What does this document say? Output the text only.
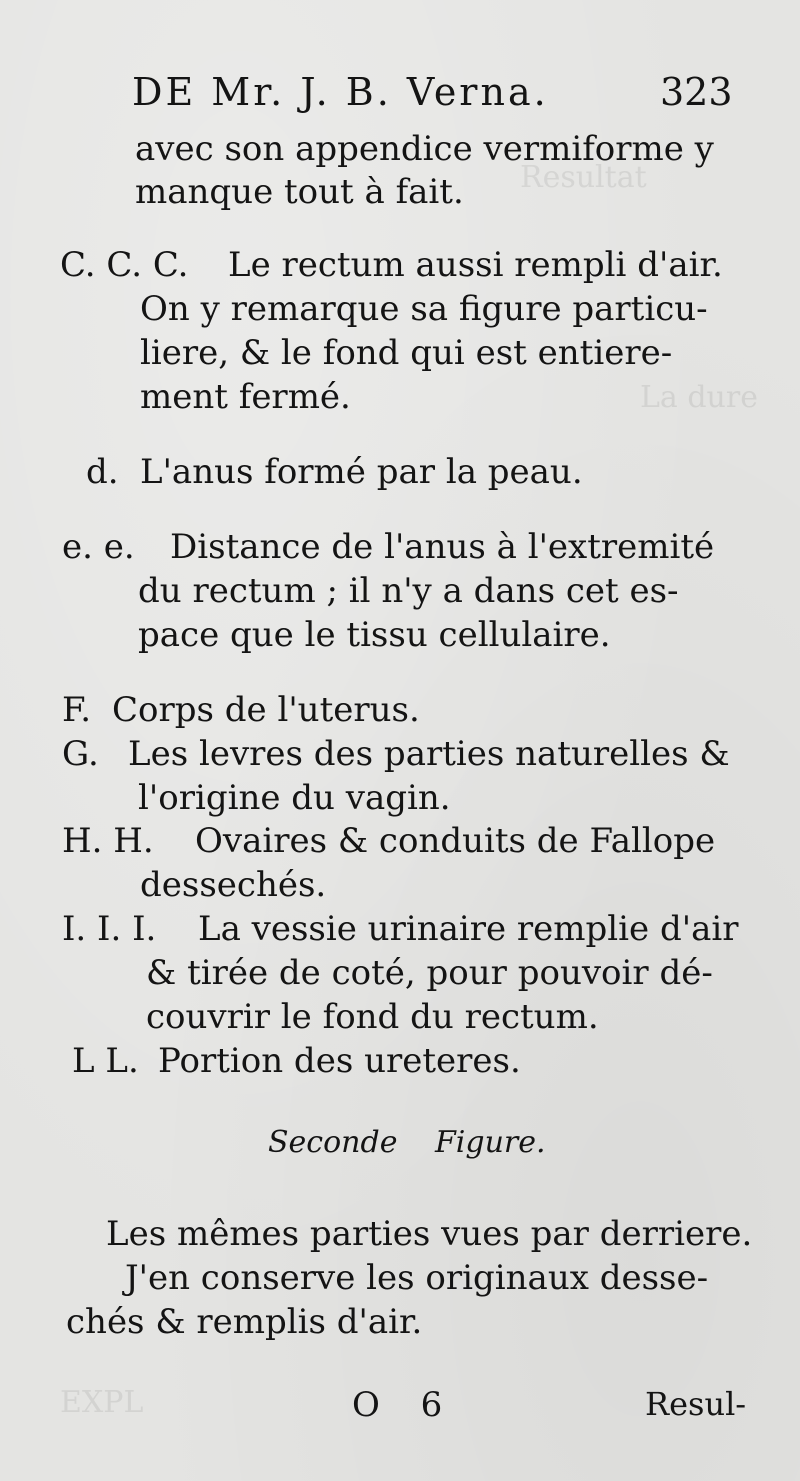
Resultat
La dure
EXPL
DE Mr. J. B. Verna.	323
avec son appendice vermiforme y
manque tout à fait.
C. C. C. Le rectum aussi rempli d'air.
On y remarque sa figure particu-
liere, & le fond qui est entiere-
ment fermé.
d. L'anus formé par la peau.
e. e. Distance de l'anus à l'extremité
du rectum ; il n'y a dans cet es-
pace que le tissu cellulaire.
F. Corps de l'uterus.
G. Les levres des parties naturelles &
l'origine du vagin.
H. H. Ovaires & conduits de Fallope
dessechés.
I. I. I. La vessie urinaire remplie d'air
& tirée de coté, pour pouvoir dé-
couvrir le fond du rectum.
L L. Portion des ureteres.
Seconde Figure.
Les mêmes parties vues par derriere.
J'en conserve les originaux desse-
chés & remplis d'air.
O 6	Resul-
